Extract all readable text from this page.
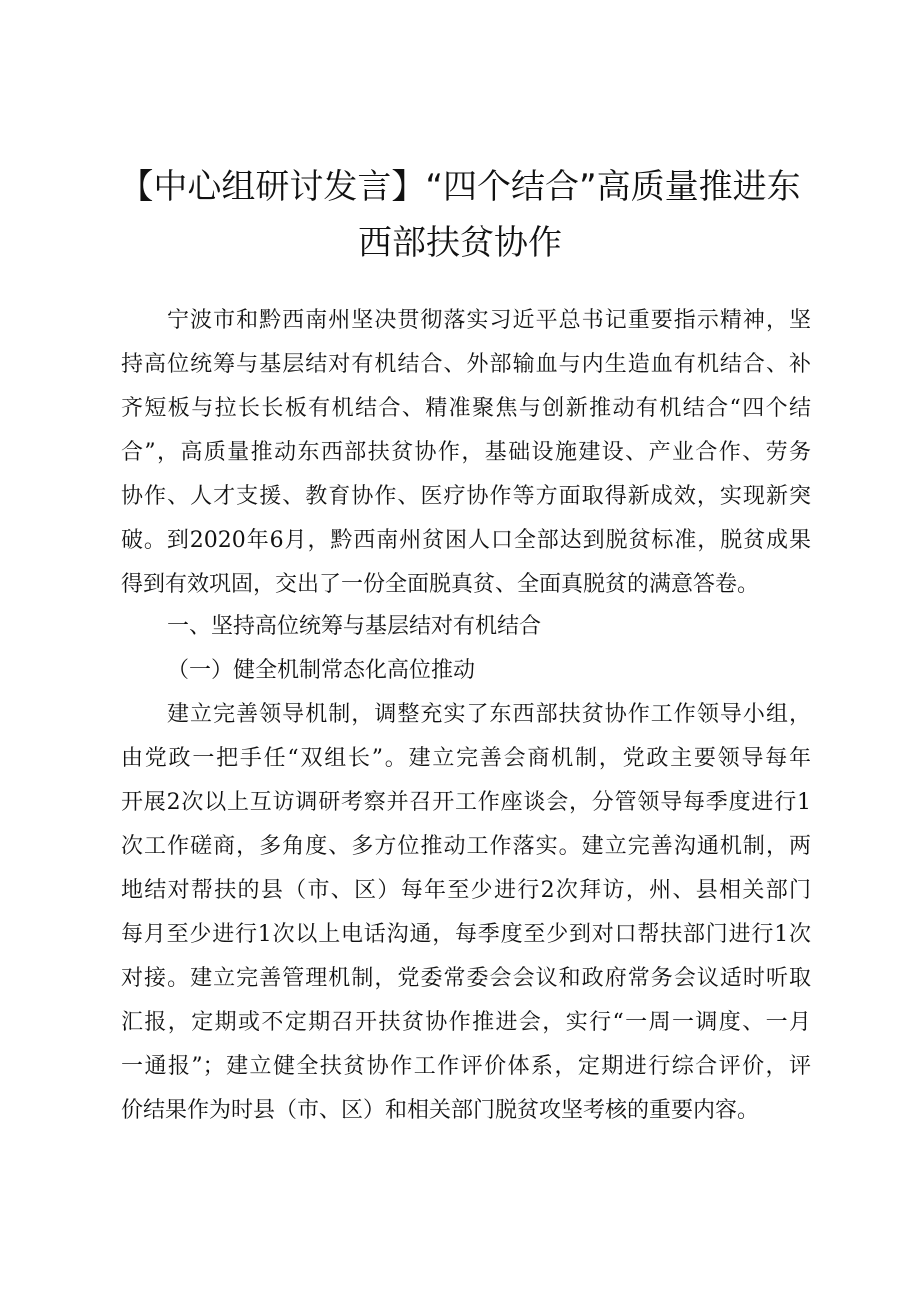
【中心组研讨发言】“四个结合”高质量推进东
西部扶贫协作
宁波市和黔西南州坚决贯彻落实习近平总书记重要指示精神，坚
持高位统筹与基层结对有机结合、外部输血与内生造血有机结合、补
齐短板与拉长长板有机结合、精准聚焦与创新推动有机结合“四个结
合”，高质量推动东西部扶贫协作，基础设施建设、产业合作、劳务
协作、人才支援、教育协作、医疗协作等方面取得新成效，实现新突
破。到2020年6月，黔西南州贫困人口全部达到脱贫标准，脱贫成果
得到有效巩固，交出了一份全面脱真贫、全面真脱贫的满意答卷。
一、坚持高位统筹与基层结对有机结合
（一）健全机制常态化高位推动
建立完善领导机制，调整充实了东西部扶贫协作工作领导小组，
由党政一把手任“双组长”。建立完善会商机制，党政主要领导每年
开展2次以上互访调研考察并召开工作座谈会，分管领导每季度进行1
次工作磋商，多角度、多方位推动工作落实。建立完善沟通机制，两
地结对帮扶的县（市、区）每年至少进行2次拜访，州、县相关部门
每月至少进行1次以上电话沟通，每季度至少到对口帮扶部门进行1次
对接。建立完善管理机制，党委常委会会议和政府常务会议适时听取
汇报，定期或不定期召开扶贫协作推进会，实行“一周一调度、一月
一通报”；建立健全扶贫协作工作评价体系，定期进行综合评价，评
价结果作为时县（市、区）和相关部门脱贫攻坚考核的重要内容。
